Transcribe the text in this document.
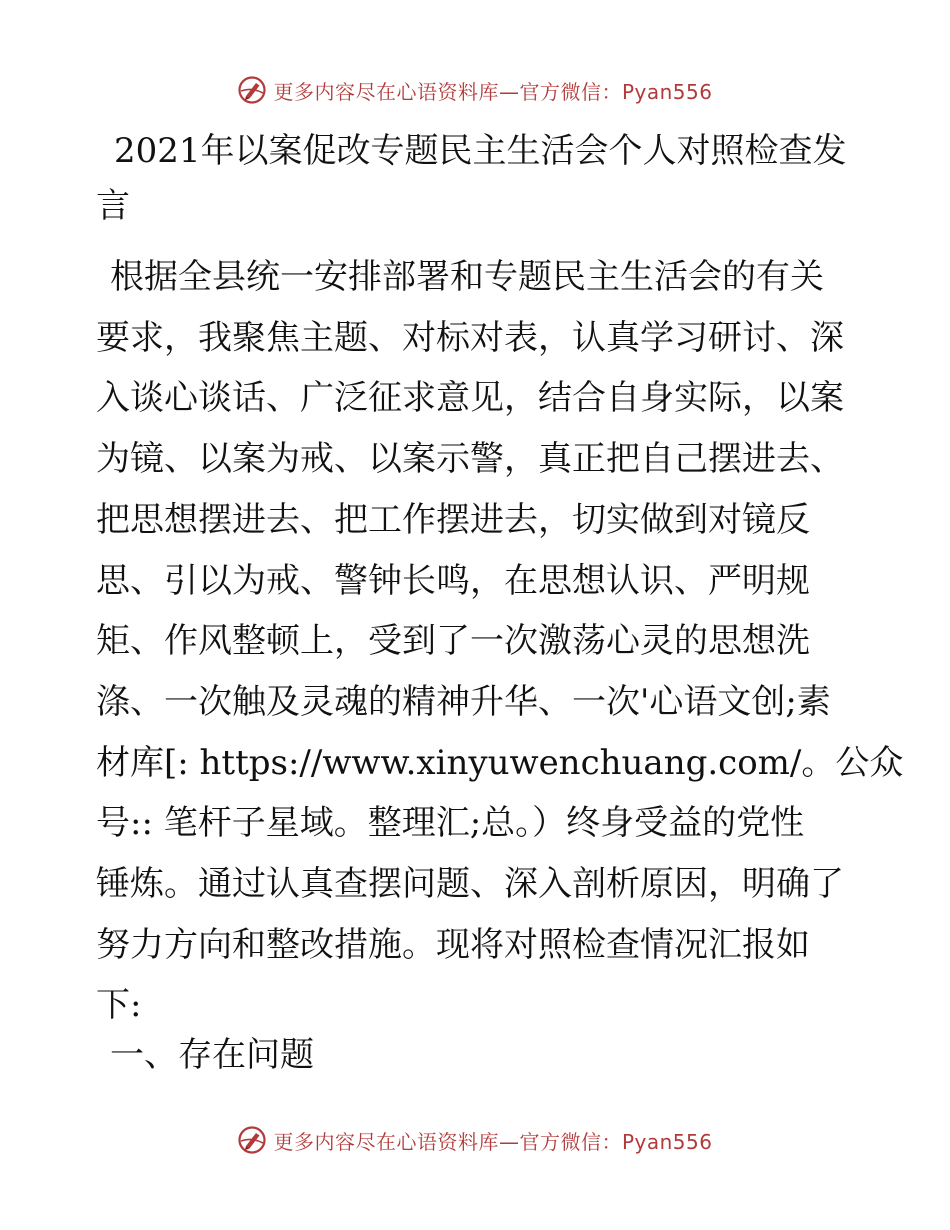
更多内容尽在心语资料库—官方微信：Pyan556
2021年以案促改专题民主生活会个人对照检查发
言

根据全县统一安排部署和专题民主生活会的有关
要求，我聚焦主题、对标对表，认真学习研讨、深
入谈心谈话、广泛征求意见，结合自身实际，以案
为镜、以案为戒、以案示警，真正把自己摆进去、
把思想摆进去、把工作摆进去，切实做到对镜反
思、引以为戒、警钟长鸣，在思想认识、严明规
矩、作风整顿上，受到了一次激荡心灵的思想洗
涤、一次触及灵魂的精神升华、一次'心语文创;素
材库[: https://www.xinyuwenchuang.com/。公众
号:: 笔杆子星域。整理汇;总。）终身受益的党性
锤炼。通过认真查摆问题、深入剖析原因，明确了
努力方向和整改措施。现将对照检查情况汇报如
下:

一、存在问题
更多内容尽在心语资料库—官方微信：Pyan556
